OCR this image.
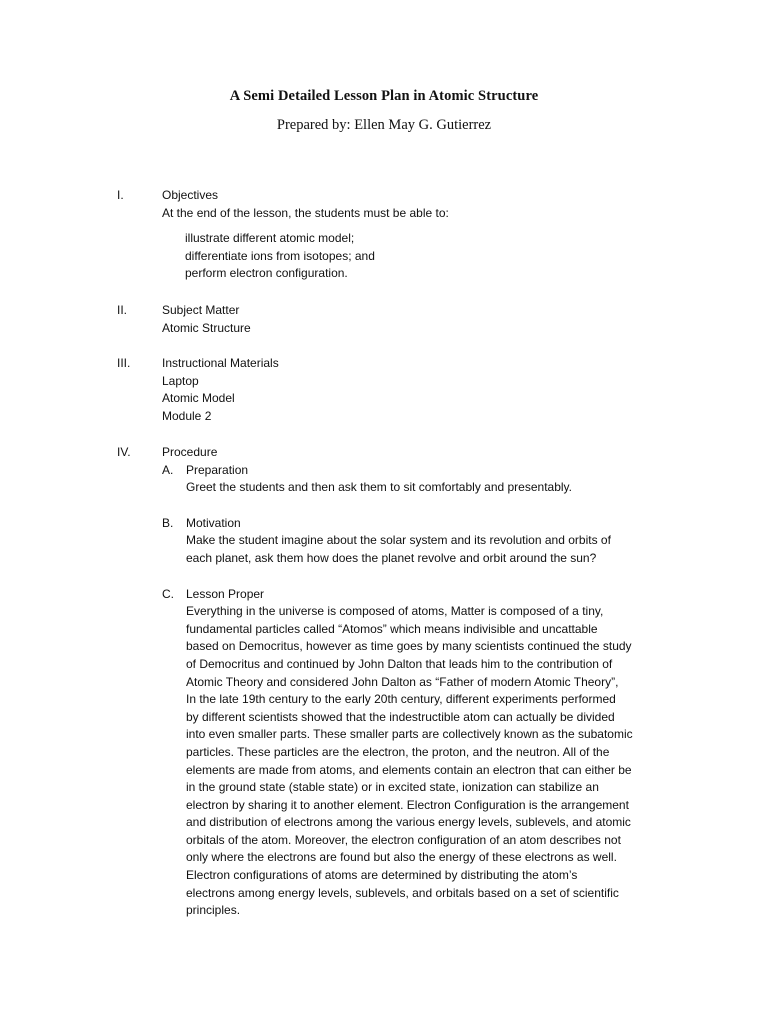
A Semi Detailed Lesson Plan in Atomic Structure
Prepared by: Ellen May G. Gutierrez
I.	Objectives
At the end of the lesson, the students must be able to:
illustrate different atomic model;
differentiate ions from isotopes; and
perform electron configuration.
II.	Subject Matter
Atomic Structure
III.	Instructional Materials
Laptop
Atomic Model
Module 2
IV.	Procedure
A. Preparation
Greet the students and then ask them to sit comfortably and presentably.
B. Motivation
Make the student imagine about the solar system and its revolution and orbits of
each planet, ask them how does the planet revolve and orbit around the sun?
C. Lesson Proper
Everything in the universe is composed of atoms, Matter is composed of a tiny,
fundamental particles called “Atomos” which means indivisible and uncattable
based on Democritus, however as time goes by many scientists continued the study
of Democritus and continued by John Dalton that leads him to the contribution of
Atomic Theory and considered John Dalton as “Father of modern Atomic Theory”,
In the late 19th century to the early 20th century, different experiments performed
by different scientists showed that the indestructible atom can actually be divided
into even smaller parts. These smaller parts are collectively known as the subatomic
particles. These particles are the electron, the proton, and the neutron. All of the
elements are made from atoms, and elements contain an electron that can either be
in the ground state (stable state) or in excited state, ionization can stabilize an
electron by sharing it to another element. Electron Configuration is the arrangement
and distribution of electrons among the various energy levels, sublevels, and atomic
orbitals of the atom. Moreover, the electron configuration of an atom describes not
only where the electrons are found but also the energy of these electrons as well.
Electron configurations of atoms are determined by distributing the atom’s
electrons among energy levels, sublevels, and orbitals based on a set of scientific
principles.
